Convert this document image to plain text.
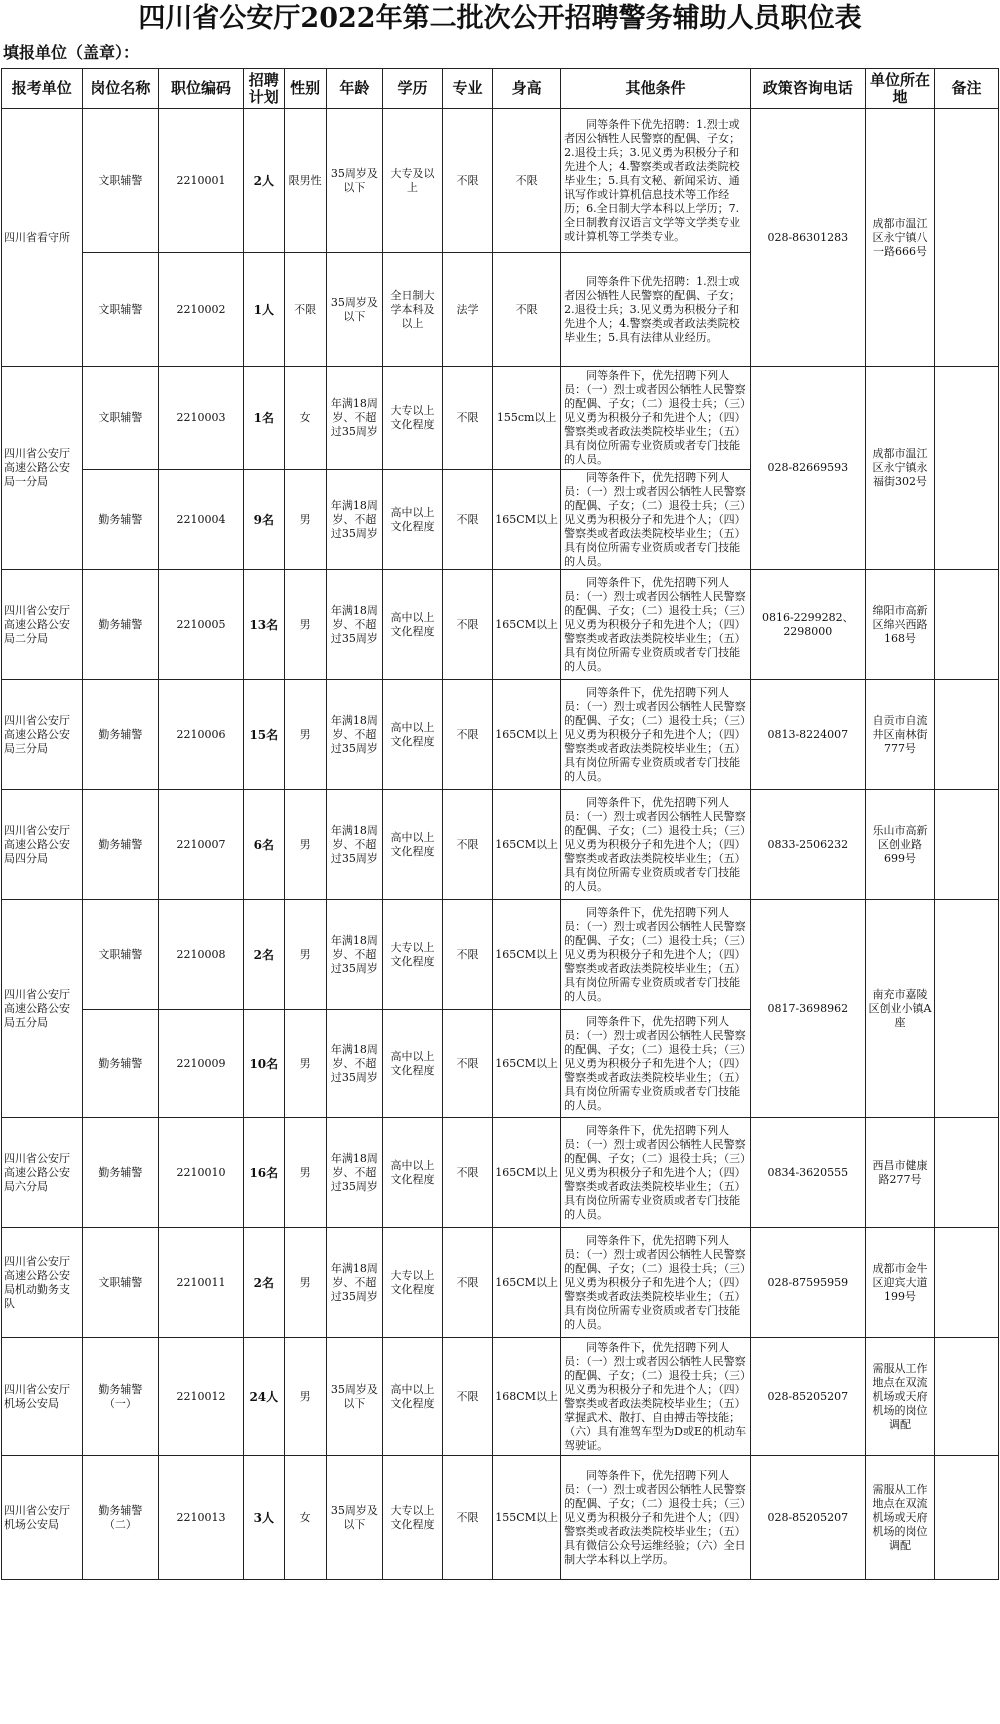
四川省公安厅2022年第二批次公开招聘警务辅助人员职位表
填报单位（盖章）：
报考单位	岗位名称	职位编码	招聘计划	性别	年龄	学历	专业	身高	其他条件	政策咨询电话	单位所在地	备注
四川省看守所	文职辅警	2210001	2人	限男性	35周岁及以下	大专及以上	不限	不限	同等条件下优先招聘：1.烈士或者因公牺牲人民警察的配偶、子女；2.退役士兵；3.见义勇为积极分子和先进个人；4.警察类或者政法类院校毕业生；5.具有文秘、新闻采访、通讯写作或计算机信息技术等工作经历；6.全日制大学本科以上学历；7.全日制教育汉语言文学等文学类专业或计算机等工学类专业。	028-86301283	成都市温江区永宁镇八一路666号	
	文职辅警	2210002	1人	不限	35周岁及以下	全日制大学本科及以上	法学	不限	同等条件下优先招聘：1.烈士或者因公牺牲人民警察的配偶、子女；2.退役士兵；3.见义勇为积极分子和先进个人；4.警察类或者政法类院校毕业生；5.具有法律从业经历。			
四川省公安厅高速公路公安局一分局	文职辅警	2210003	1名	女	年满18周岁、不超过35周岁	大专以上文化程度	不限	155cm以上	同等条件下，优先招聘下列人员：（一）烈士或者因公牺牲人民警察的配偶、子女；（二）退役士兵；（三）见义勇为积极分子和先进个人；（四）警察类或者政法类院校毕业生；（五）具有岗位所需专业资质或者专门技能的人员。	028-82669593	成都市温江区永宁镇永福街302号	
	勤务辅警	2210004	9名	男	年满18周岁、不超过35周岁	高中以上文化程度	不限	165CM以上	同等条件下，优先招聘下列人员：（一）烈士或者因公牺牲人民警察的配偶、子女；（二）退役士兵；（三）见义勇为积极分子和先进个人；（四）警察类或者政法类院校毕业生；（五）具有岗位所需专业资质或者专门技能的人员。			
四川省公安厅高速公路公安局二分局	勤务辅警	2210005	13名	男	年满18周岁、不超过35周岁	高中以上文化程度	不限	165CM以上	同等条件下，优先招聘下列人员：（一）烈士或者因公牺牲人民警察的配偶、子女；（二）退役士兵；（三）见义勇为积极分子和先进个人；（四）警察类或者政法类院校毕业生；（五）具有岗位所需专业资质或者专门技能的人员。	0816-2299282、2298000	绵阳市高新区绵兴西路168号	
四川省公安厅高速公路公安局三分局	勤务辅警	2210006	15名	男	年满18周岁、不超过35周岁	高中以上文化程度	不限	165CM以上	同等条件下，优先招聘下列人员：（一）烈士或者因公牺牲人民警察的配偶、子女；（二）退役士兵；（三）见义勇为积极分子和先进个人；（四）警察类或者政法类院校毕业生；（五）具有岗位所需专业资质或者专门技能的人员。	0813-8224007	自贡市自流井区南林街777号	
四川省公安厅高速公路公安局四分局	勤务辅警	2210007	6名	男	年满18周岁、不超过35周岁	高中以上文化程度	不限	165CM以上	同等条件下，优先招聘下列人员：（一）烈士或者因公牺牲人民警察的配偶、子女；（二）退役士兵；（三）见义勇为积极分子和先进个人；（四）警察类或者政法类院校毕业生；（五）具有岗位所需专业资质或者专门技能的人员。	0833-2506232	乐山市高新区创业路699号	
四川省公安厅高速公路公安局五分局	文职辅警	2210008	2名	男	年满18周岁、不超过35周岁	大专以上文化程度	不限	165CM以上	同等条件下，优先招聘下列人员：（一）烈士或者因公牺牲人民警察的配偶、子女；（二）退役士兵；（三）见义勇为积极分子和先进个人；（四）警察类或者政法类院校毕业生；（五）具有岗位所需专业资质或者专门技能的人员。	0817-3698962	南充市嘉陵区创业小镇A座	
	勤务辅警	2210009	10名	男	年满18周岁、不超过35周岁	高中以上文化程度	不限	165CM以上	同等条件下，优先招聘下列人员：（一）烈士或者因公牺牲人民警察的配偶、子女；（二）退役士兵；（三）见义勇为积极分子和先进个人；（四）警察类或者政法类院校毕业生；（五）具有岗位所需专业资质或者专门技能的人员。			
四川省公安厅高速公路公安局六分局	勤务辅警	2210010	16名	男	年满18周岁、不超过35周岁	高中以上文化程度	不限	165CM以上	同等条件下，优先招聘下列人员：（一）烈士或者因公牺牲人民警察的配偶、子女；（二）退役士兵；（三）见义勇为积极分子和先进个人；（四）警察类或者政法类院校毕业生；（五）具有岗位所需专业资质或者专门技能的人员。	0834-3620555	西昌市健康路277号	
四川省公安厅高速公路公安局机动勤务支队	文职辅警	2210011	2名	男	年满18周岁、不超过35周岁	大专以上文化程度	不限	165CM以上	同等条件下，优先招聘下列人员：（一）烈士或者因公牺牲人民警察的配偶、子女；（二）退役士兵；（三）见义勇为积极分子和先进个人；（四）警察类或者政法类院校毕业生；（五）具有岗位所需专业资质或者专门技能的人员。	028-87595959	成都市金牛区迎宾大道199号	
四川省公安厅机场公安局	勤务辅警（一）	2210012	24人	男	35周岁及以下	高中以上文化程度	不限	168CM以上	同等条件下，优先招聘下列人员：（一）烈士或者因公牺牲人民警察的配偶、子女；（二）退役士兵；（三）见义勇为积极分子和先进个人；（四）警察类或者政法类院校毕业生；（五）掌握武术、散打、自由搏击等技能；（六）具有准驾车型为D或E的机动车驾驶证。	028-85205207	需服从工作地点在双流机场或天府机场的岗位调配	
四川省公安厅机场公安局	勤务辅警（二）	2210013	3人	女	35周岁及以下	大专以上文化程度	不限	155CM以上	同等条件下，优先招聘下列人员：（一）烈士或者因公牺牲人民警察的配偶、子女；（二）退役士兵；（三）见义勇为积极分子和先进个人；（四）警察类或者政法类院校毕业生；（五）具有微信公众号运维经验；（六）全日制大学本科以上学历。	028-85205207	需服从工作地点在双流机场或天府机场的岗位调配	
